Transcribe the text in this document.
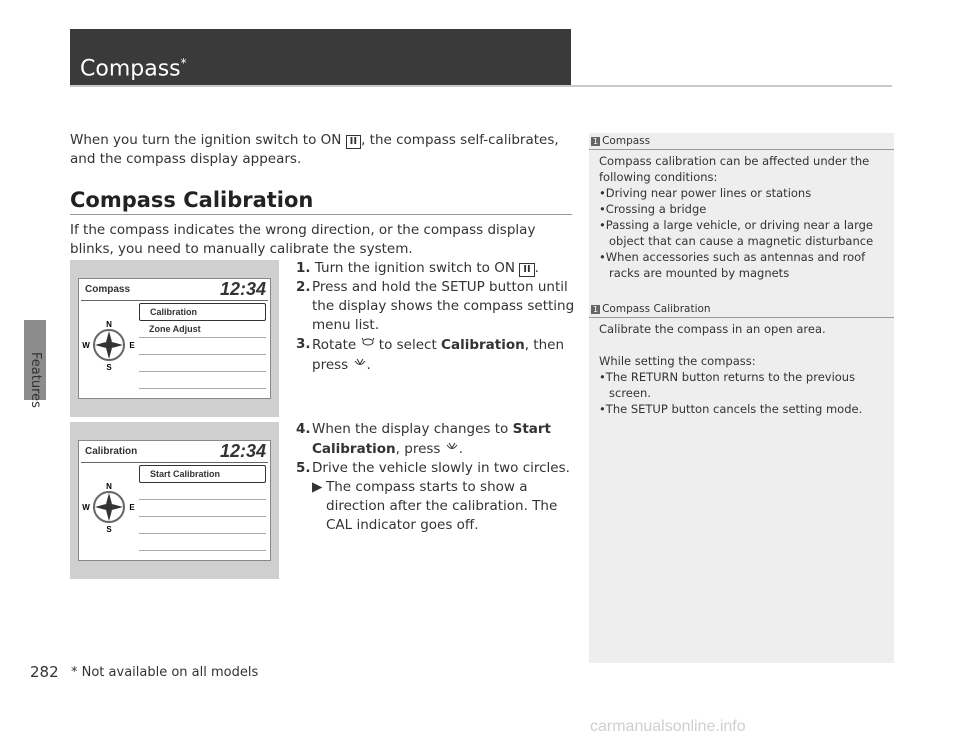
Features
Compass*
When you turn the ignition switch to ON II , the compass self-calibrates, and the compass display appears.
Compass Calibration
If the compass indicates the wrong direction, or the compass display blinks, you need to manually calibrate the system.
1. Turn the ignition switch to ON II .
2. Press and hold the SETUP button until the display shows the compass setting menu list.
3. Rotate  to select Calibration, then press .
4. When the display changes to Start Calibration, press .
5. Drive the vehicle slowly in two circles.
▶ The compass starts to show a direction after the calibration. The CAL indicator goes off.
Compass	12:34
N
S
W	E
Calibration
Zone Adjust
Calibration	12:34
N
S
W	E
Start Calibration
1 Compass
Compass calibration can be affected under the following conditions:
•Driving near power lines or stations
•Crossing a bridge
•Passing a large vehicle, or driving near a large object that can cause a magnetic disturbance
•When accessories such as antennas and roof racks are mounted by magnets
1 Compass Calibration
Calibrate the compass in an open area.
While setting the compass:
•The RETURN button returns to the previous screen.
•The SETUP button cancels the setting mode.
282 * Not available on all models
carmanualsonline.info
